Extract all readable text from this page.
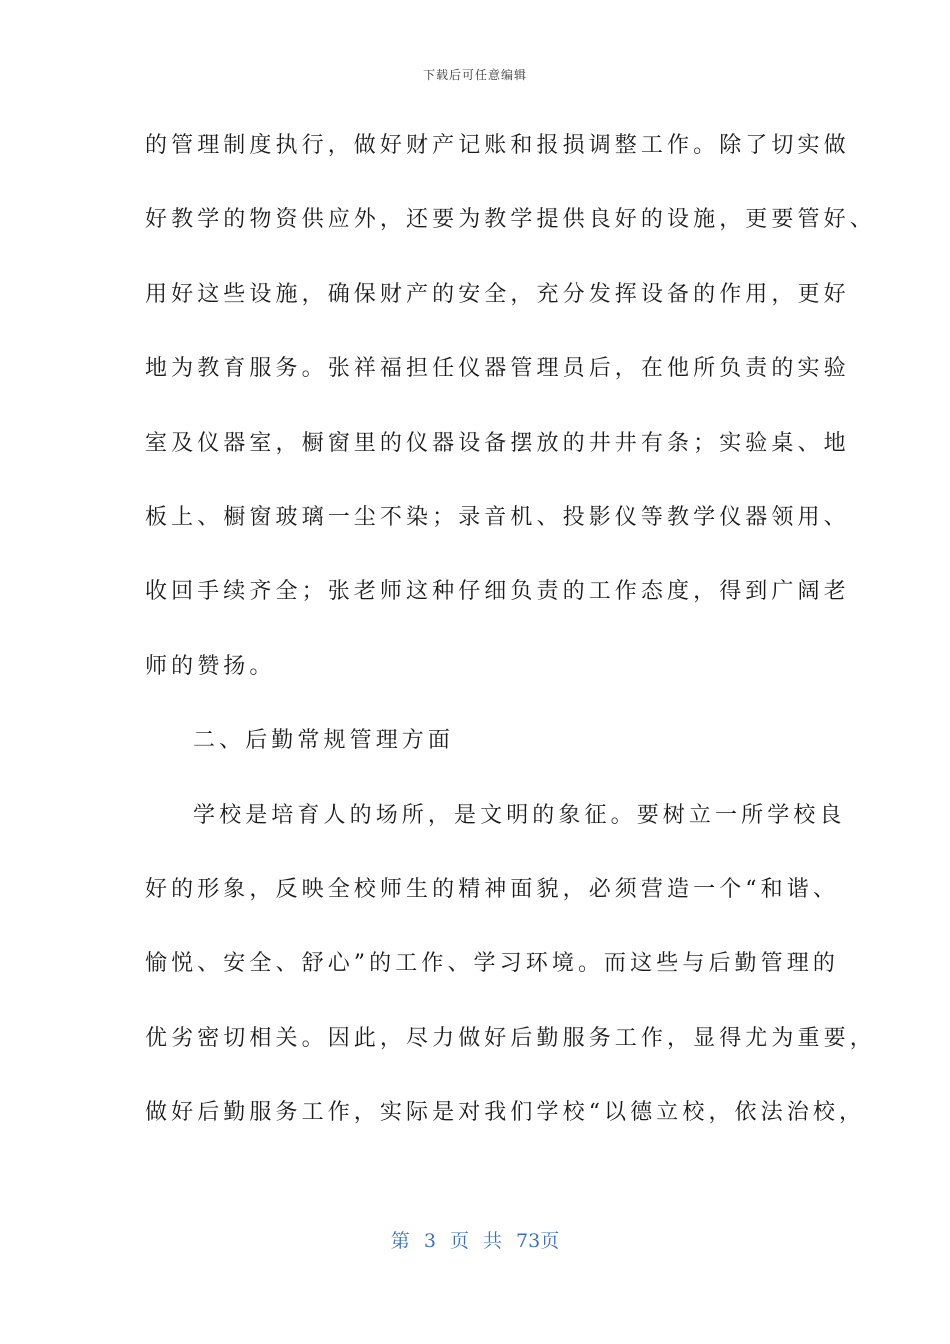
下载后可任意编辑
的管理制度执行，做好财产记账和报损调整工作。除了切实做
好教学的物资供应外，还要为教学提供良好的设施，更要管好、
用好这些设施，确保财产的安全，充分发挥设备的作用，更好
地为教育服务。张祥福担任仪器管理员后，在他所负责的实验
室及仪器室，橱窗里的仪器设备摆放的井井有条；实验桌、地
板上、橱窗玻璃一尘不染；录音机、投影仪等教学仪器领用、
收回手续齐全；张老师这种仔细负责的工作态度，得到广阔老
师的赞扬。
二、后勤常规管理方面
学校是培育人的场所，是文明的象征。要树立一所学校良
好的形象，反映全校师生的精神面貌，必须营造一个“和谐、
愉悦、安全、舒心”的工作、学习环境。而这些与后勤管理的
优劣密切相关。因此，尽力做好后勤服务工作，显得尤为重要，
做好后勤服务工作，实际是对我们学校“以德立校，依法治校，
第 3 页 共 73页
